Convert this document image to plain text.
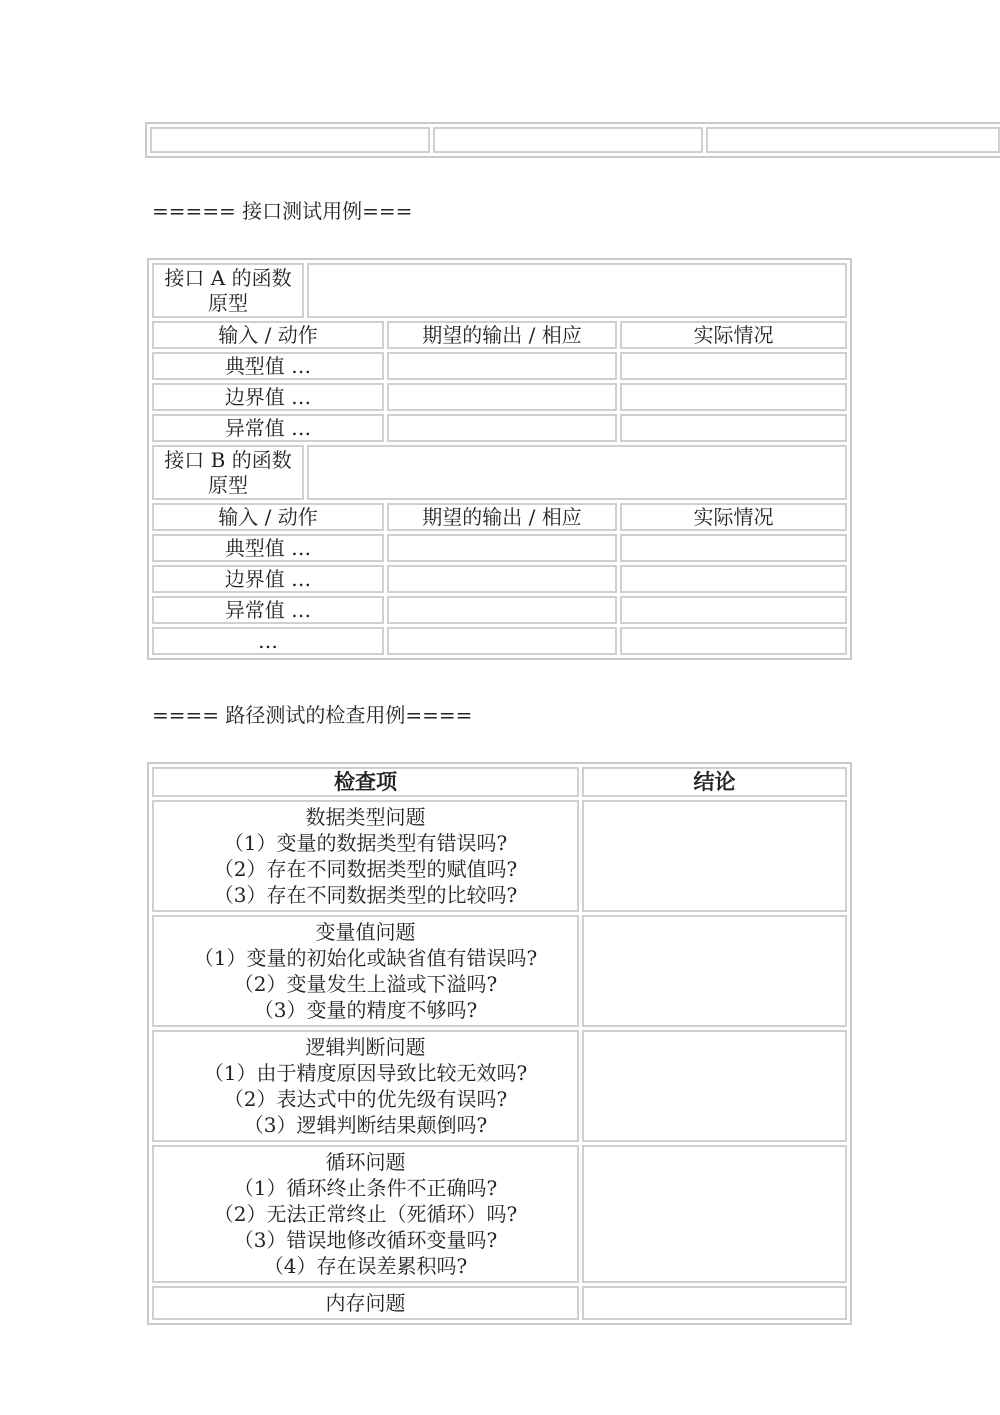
===== 接口测试用例===
接口 A 的函数原型			
输入 / 动作		期望的输出 / 相应	实际情况
典型值 …			
边界值 …			
异常值 …			
接口 B 的函数原型			
输入 / 动作		期望的输出 / 相应	实际情况
典型值 …			
边界值 …			
异常值 …			
…			
==== 路径测试的检查用例====
检查项	结论

数据类型问题
（1）变量的数据类型有错误吗?
（2）存在不同数据类型的赋值吗?
（3）存在不同数据类型的比较吗?	

变量值问题
（1）变量的初始化或缺省值有错误吗?
（2）变量发生上溢或下溢吗?
（3）变量的精度不够吗?	

逻辑判断问题
（1）由于精度原因导致比较无效吗?
（2）表达式中的优先级有误吗?
（3）逻辑判断结果颠倒吗?	

循环问题
（1）循环终止条件不正确吗?
（2）无法正常终止（死循环）吗?
（3）错误地修改循环变量吗?
（4）存在误差累积吗?	

内存问题	
